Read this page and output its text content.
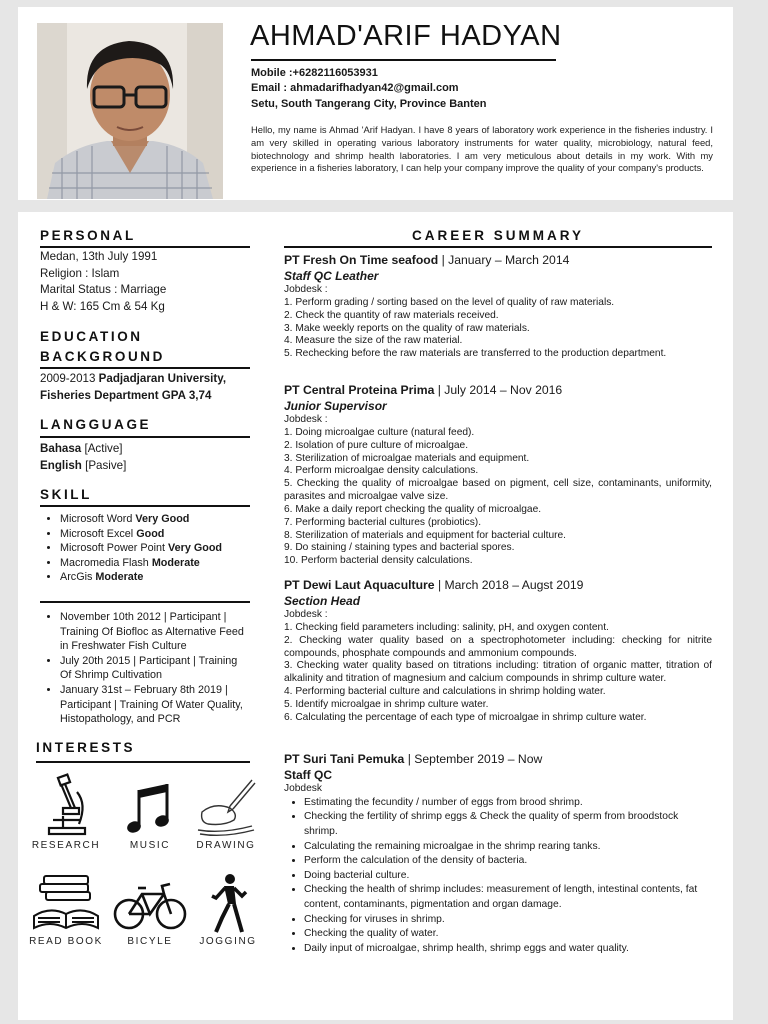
AHMAD'ARIF HADYAN
Mobile :+6282116053931
Email : ahmadarifhadyan42@gmail.com
Setu, South Tangerang City, Province Banten
Hello, my name is Ahmad 'Arif Hadyan. I have 8 years of laboratory work experience in the fisheries industry. I am very skilled in operating various laboratory instruments for water quality, microbiology, natural feed, biotechnology and shrimp health laboratories. I am very meticulous about details in my work. With my experience in a fisheries laboratory, I can help your company improve the quality of your company's products.
PERSONAL
Medan, 13th July 1991
Religion : Islam
Marital Status : Marriage
H & W: 165 Cm & 54 Kg
EDUCATION
BACKGROUND
2009-2013 Padjadjaran University,
Fisheries Department GPA 3,74
LANGGUAGE
Bahasa [Active]
English [Pasive]
SKILL
• Microsoft Word Very Good
• Microsoft Excel Good
• Microsoft Power Point Very Good
• Macromedia Flash Moderate
• ArcGis Moderate
• November 10th 2012 | Participant | Training Of Biofloc as Alternative Feed in Freshwater Fish Culture
• July 20th 2015 | Participant | Training Of Shrimp Cultivation
• January 31st – February 8th 2019 | Participant | Training Of Water Quality, Histopathology, and PCR
INTERESTS
RESEARCH	MUSIC	DRAWING
READ BOOK	BICYLE	JOGGING
CAREER SUMMARY
PT Fresh On Time seafood | January – March 2014
Staff QC Leather
Jobdesk :
1. Perform grading / sorting based on the level of quality of raw materials.
2. Check the quantity of raw materials received.
3. Make weekly reports on the quality of raw materials.
4. Measure the size of the raw material.
5. Rechecking before the raw materials are transferred to the production department.
PT Central Proteina Prima | July 2014 – Nov 2016
Junior Supervisor
Jobdesk :
1. Doing microalgae culture (natural feed).
2. Isolation of pure culture of microalgae.
3. Sterilization of microalgae materials and equipment.
4. Perform microalgae density calculations.
5. Checking the quality of microalgae based on pigment, cell size, contaminants, uniformity, parasites and microalgae valve size.
6. Make a daily report checking the quality of microalgae.
7. Performing bacterial cultures (probiotics).
8. Sterilization of materials and equipment for bacterial culture.
9. Do staining / staining types and bacterial spores.
10. Perform bacterial density calculations.
PT Dewi Laut Aquaculture | March 2018 – Augst 2019
Section Head
Jobdesk :
1. Checking field parameters including: salinity, pH, and oxygen content.
2. Checking water quality based on a spectrophotometer including: checking for nitrite compounds, phosphate compounds and ammonium compounds.
3. Checking water quality based on titrations including: titration of organic matter, titration of alkalinity and titration of magnesium and calcium compounds in shrimp culture water.
4. Performing bacterial culture and calculations in shrimp holding water.
5. Identify microalgae in shrimp culture water.
6. Calculating the percentage of each type of microalgae in shrimp culture water.
PT Suri Tani Pemuka | September 2019 – Now
Staff QC
Jobdesk
• Estimating the fecundity / number of eggs from brood shrimp.
• Checking the fertility of shrimp eggs & Check the quality of sperm from broodstock shrimp.
• Calculating the remaining microalgae in the shrimp rearing tanks.
• Perform the calculation of the density of bacteria.
• Doing bacterial culture.
• Checking the health of shrimp includes: measurement of length, intestinal contents, fat content, contaminants, pigmentation and organ damage.
• Checking for viruses in shrimp.
• Checking the quality of water.
• Daily input of microalgae, shrimp health, shrimp eggs and water quality.
